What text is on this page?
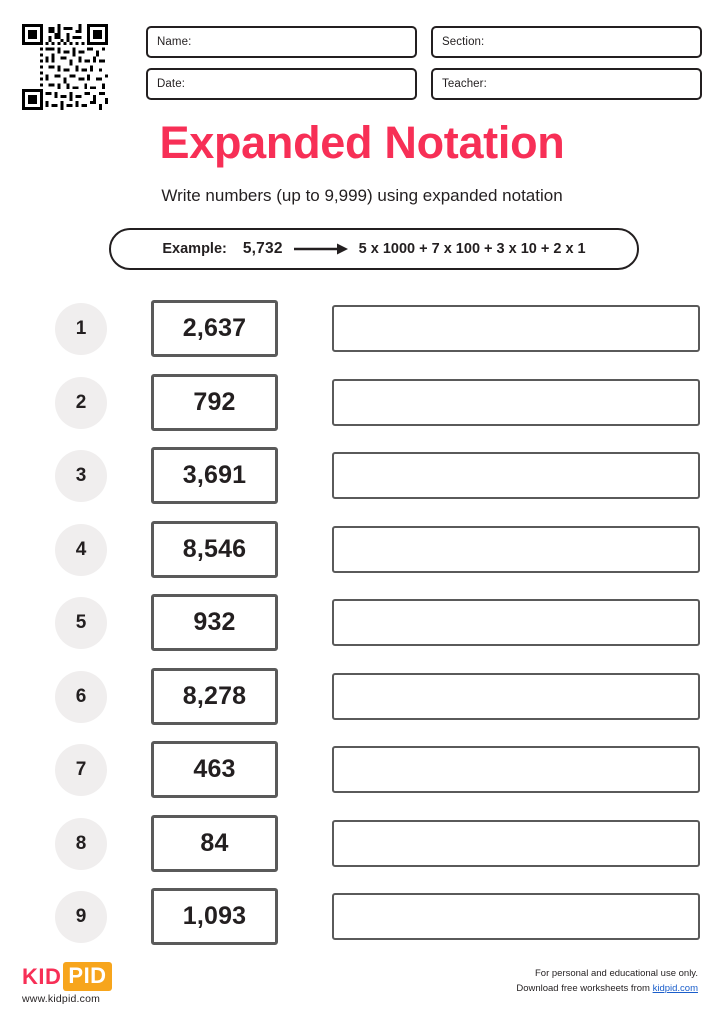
Name:	Section:
Date:	Teacher:
Expanded Notation
Write numbers (up to 9,999) using expanded notation
Example: 5,732	5 x 1000 + 7 x 100 + 3 x 10 + 2 x 1
1	2,637
2	792
3	3,691
4	8,546
5	932
6	8,278
7	463
8	84
9	1,093
KID PID
www.kidpid.com
For personal and educational use only.
Download free worksheets from kidpid.com
